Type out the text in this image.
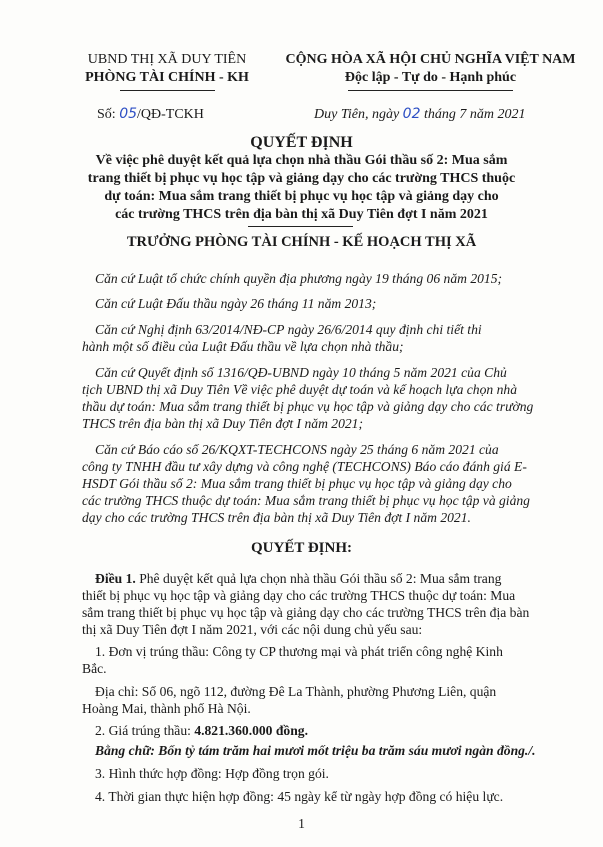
UBND THỊ XÃ DUY TIÊN
PHÒNG TÀI CHÍNH - KH
CỘNG HÒA XÃ HỘI CHỦ NGHĨA VIỆT NAM
Độc lập - Tự do - Hạnh phúc
Số: 05/QĐ-TCKH	Duy Tiên, ngày 02 tháng 7 năm 2021
QUYẾT ĐỊNH
Về việc phê duyệt kết quả lựa chọn nhà thầu Gói thầu số 2: Mua sắm
trang thiết bị phục vụ học tập và giảng dạy cho các trường THCS thuộc
dự toán: Mua sắm trang thiết bị phục vụ học tập và giảng dạy cho
các trường THCS trên địa bàn thị xã Duy Tiên đợt I năm 2021
TRƯỞNG PHÒNG TÀI CHÍNH - KẾ HOẠCH THỊ XÃ
Căn cứ Luật tổ chức chính quyền địa phương ngày 19 tháng 06 năm 2015;
Căn cứ Luật Đấu thầu ngày 26 tháng 11 năm 2013;
Căn cứ Nghị định 63/2014/NĐ-CP ngày 26/6/2014 quy định chi tiết thi
hành một số điều của Luật Đấu thầu về lựa chọn nhà thầu;
Căn cứ Quyết định số 1316/QĐ-UBND ngày 10 tháng 5 năm 2021 của Chủ
tịch UBND thị xã Duy Tiên Về việc phê duyệt dự toán và kế hoạch lựa chọn nhà
thầu dự toán: Mua sắm trang thiết bị phục vụ học tập và giảng dạy cho các trường
THCS trên địa bàn thị xã Duy Tiên đợt I năm 2021;
Căn cứ Báo cáo số 26/KQXT-TECHCONS ngày 25 tháng 6 năm 2021 của
công ty TNHH đầu tư xây dựng và công nghệ (TECHCONS) Báo cáo đánh giá E-
HSDT Gói thầu số 2: Mua sắm trang thiết bị phục vụ học tập và giảng dạy cho
các trường THCS thuộc dự toán: Mua sắm trang thiết bị phục vụ học tập và giảng
dạy cho các trường THCS trên địa bàn thị xã Duy Tiên đợt I năm 2021.
QUYẾT ĐỊNH:
Điều 1. Phê duyệt kết quả lựa chọn nhà thầu Gói thầu số 2: Mua sắm trang
thiết bị phục vụ học tập và giảng dạy cho các trường THCS thuộc dự toán: Mua
sắm trang thiết bị phục vụ học tập và giảng dạy cho các trường THCS trên địa bàn
thị xã Duy Tiên đợt I năm 2021, với các nội dung chủ yếu sau:
1. Đơn vị trúng thầu: Công ty CP thương mại và phát triển công nghệ Kinh
Bắc.
Địa chỉ: Số 06, ngõ 112, đường Đê La Thành, phường Phương Liên, quận
Hoàng Mai, thành phố Hà Nội.
2. Giá trúng thầu: 4.821.360.000 đồng.
Bằng chữ: Bốn tỷ tám trăm hai mươi mốt triệu ba trăm sáu mươi ngàn đồng./.
3. Hình thức hợp đồng: Hợp đồng trọn gói.
4. Thời gian thực hiện hợp đồng: 45 ngày kể từ ngày hợp đồng có hiệu lực.
1
